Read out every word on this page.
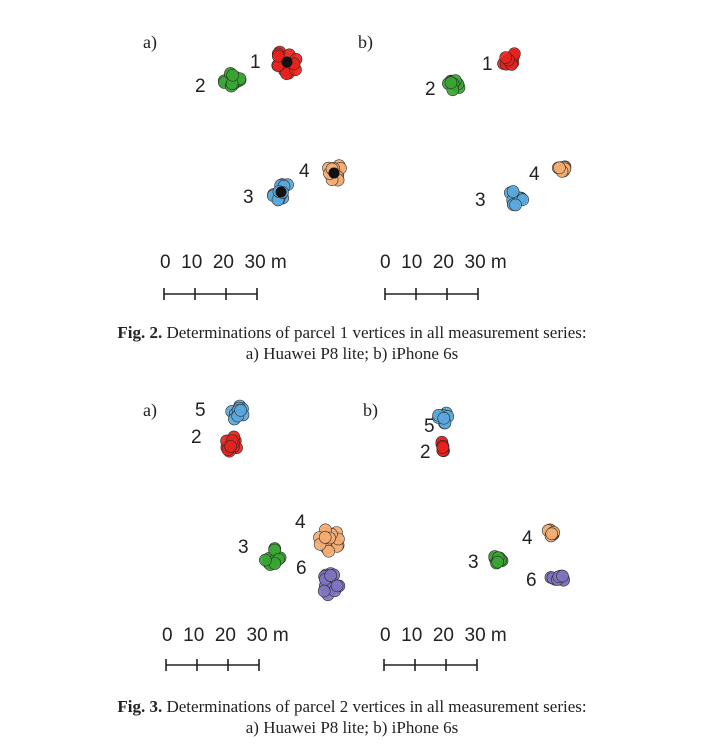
a)
1
2
3
4
0  10  20  30 m
b)
1
2
3
4
0  10  20  30 m
a) 5
2
4
3
6
0  10  20  30 m
b)
5
2
4
3
6
0  10  20  30 m
Fig. 2. Determinations of parcel 1 vertices in all measurement series:
a) Huawei P8 lite; b) iPhone 6s
Fig. 3. Determinations of parcel 2 vertices in all measurement series:
a) Huawei P8 lite; b) iPhone 6s
